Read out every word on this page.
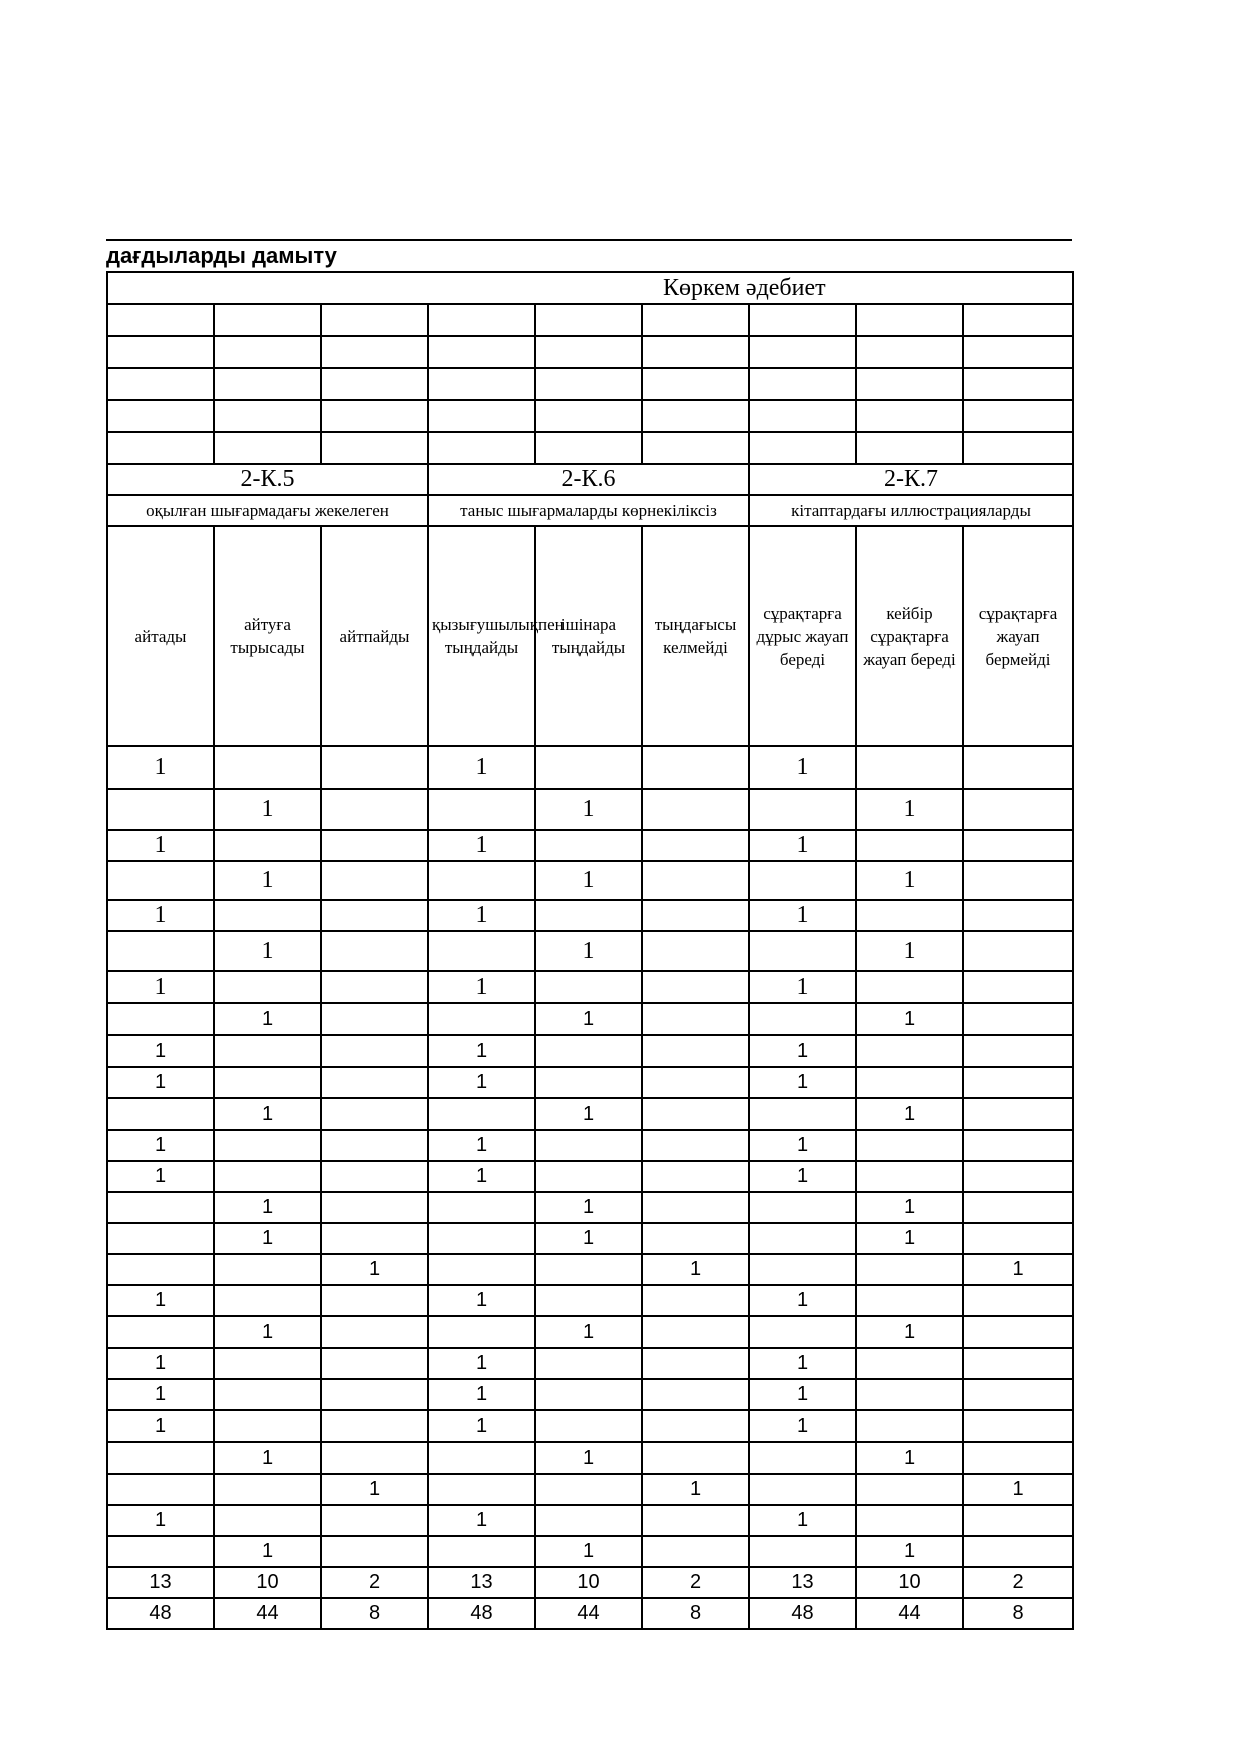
дағдыларды дамыту
Көркем әдебиет								

2-К.5			2-К.6			2-К.7		
оқылған шығармадағы жекелеген			таныс шығармаларды көрнекіліксіз			кітаптардағы иллюстрацияларды		
айтады	айтуға тырысады	айтпайды	қызығушылықпен тыңдайды	ішінара тыңдайды	тыңдағысы келмейді	сұрақтарға дұрыс жауап береді	кейбір сұрақтарға жауап береді	сұрақтарға жауап бермейді
1			1			1		
	1			1			1	
1			1			1		
	1			1			1	
1			1			1		
	1			1			1	
1			1			1		
	1			1			1	
1			1			1		
1			1			1		
	1			1			1	
1			1			1		
1			1			1		
	1			1			1	
	1			1			1	
		1			1			1
1			1			1		
	1			1			1	
1			1			1		
1			1			1		
1			1			1		
	1			1			1	
		1			1			1
1			1			1		
	1			1			1	
13	10	2	13	10	2	13	10	2
48	44	8	48	44	8	48	44	8
